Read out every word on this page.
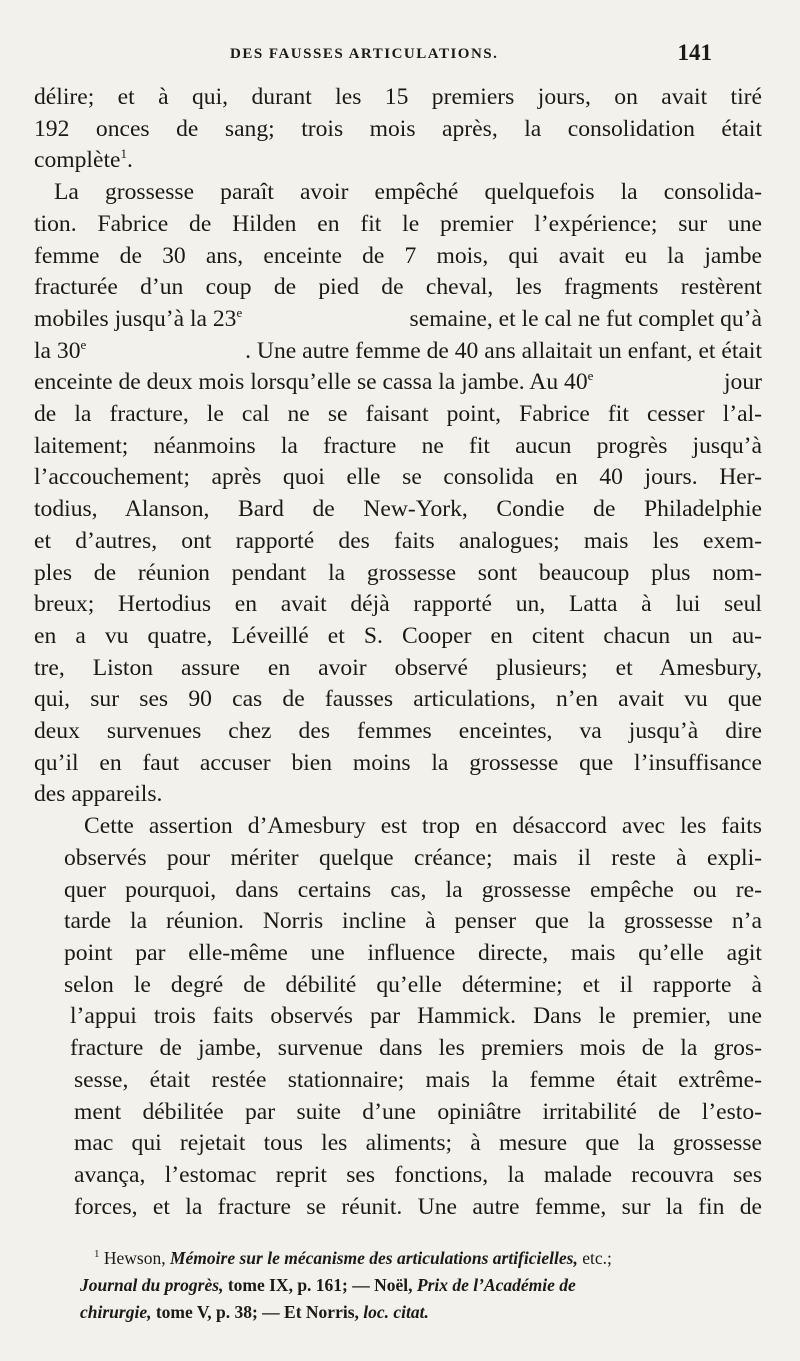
DES FAUSSES ARTICULATIONS.	141
délire; et à qui, durant les 15 premiers jours, on avait tiré
192 onces de sang; trois mois après, la consolidation était
complète$^1$.
La grossesse paraît avoir empêché quelquefois la consolida-
tion. Fabrice de Hilden en fit le premier l’expérience; sur une
femme de 30 ans, enceinte de 7 mois, qui avait eu la jambe
fracturée d’un coup de pied de cheval, les fragments restèrent
mobiles jusqu’à la 23e	semaine, et le cal ne fut complet qu’à
la 30e	. Une autre femme de 40 ans allaitait un enfant, et était
enceinte de deux mois lorsqu’elle se cassa la jambe. Au 40e	jour
de la fracture, le cal ne se faisant point, Fabrice fit cesser l’al-
laitement; néanmoins la fracture ne fit aucun progrès jusqu’à
l’accouchement; après quoi elle se consolida en 40 jours. Her-
todius, Alanson, Bard de New-York, Condie de Philadelphie
et d’autres, ont rapporté des faits analogues; mais les exem-
ples de réunion pendant la grossesse sont beaucoup plus nom-
breux; Hertodius en avait déjà rapporté un, Latta à lui seul
en a vu quatre, Léveillé et S. Cooper en citent chacun un au-
tre, Liston assure en avoir observé plusieurs; et Amesbury,
qui, sur ses 90 cas de fausses articulations, n’en avait vu que
deux survenues chez des femmes enceintes, va jusqu’à dire
qu’il en faut accuser bien moins la grossesse que l’insuffisance
des appareils.
Cette assertion d’Amesbury est trop en désaccord avec les faits
observés pour mériter quelque créance; mais il reste à expli-
quer pourquoi, dans certains cas, la grossesse empêche ou re-
tarde la réunion. Norris incline à penser que la grossesse n’a
point par elle-même une influence directe, mais qu’elle agit
selon le degré de débilité qu’elle détermine; et il rapporte à
l’appui trois faits observés par Hammick. Dans le premier, une
fracture de jambe, survenue dans les premiers mois de la gros-
sesse, était restée stationnaire; mais la femme était extrême-
ment débilitée par suite d’une opiniâtre irritabilité de l’esto-
mac qui rejetait tous les aliments; à mesure que la grossesse
avança, l’estomac reprit ses fonctions, la malade recouvra ses
forces, et la fracture se réunit. Une autre femme, sur la fin de
$^1$ Hewson, Mémoire sur le mécanisme des articulations artificielles, etc.;
Journal du progrès, tome IX, p. 161; — Noël, Prix de l’Académie de
chirurgie, tome V, p. 38; — Et Norris, loc. citat.
